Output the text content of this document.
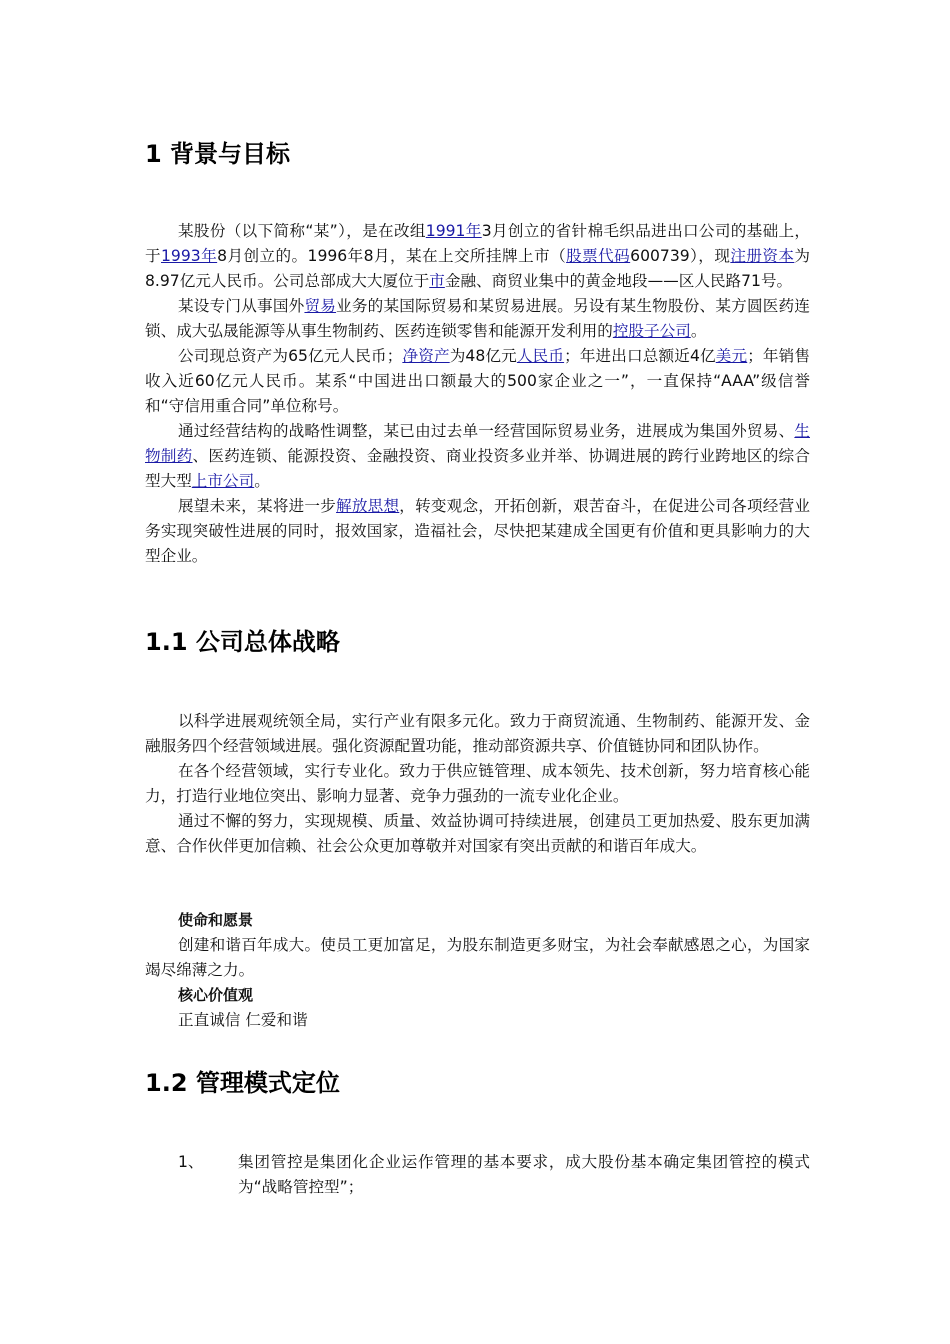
1 背景与目标

某股份（以下简称“某”），是在改组1991年3月创立的省针棉毛织品进出口公司的基础上，于1993年8月创立的。1996年8月，某在上交所挂牌上市（股票代码600739），现注册资本为8.97亿元人民币。公司总部成大大厦位于市金融、商贸业集中的黄金地段——区人民路71号。

某设专门从事国外贸易业务的某国际贸易和某贸易进展。另设有某生物股份、某方圆医药连锁、成大弘晟能源等从事生物制药、医药连锁零售和能源开发利用的控股子公司。

公司现总资产为65亿元人民币；净资产为48亿元人民币；年进出口总额近4亿美元；年销售收入近60亿元人民币。某系“中国进出口额最大的500家企业之一”，一直保持“AAA”级信誉和“守信用重合同”单位称号。

通过经营结构的战略性调整，某已由过去单一经营国际贸易业务，进展成为集国外贸易、生物制药、医药连锁、能源投资、金融投资、商业投资多业并举、协调进展的跨行业跨地区的综合型大型上市公司。

展望未来，某将进一步解放思想，转变观念，开拓创新，艰苦奋斗，在促进公司各项经营业务实现突破性进展的同时，报效国家，造福社会，尽快把某建成全国更有价值和更具影响力的大型企业。

1.1 公司总体战略

以科学进展观统领全局，实行产业有限多元化。致力于商贸流通、生物制药、能源开发、金融服务四个经营领域进展。强化资源配置功能，推动部资源共享、价值链协同和团队协作。

在各个经营领域，实行专业化。致力于供应链管理、成本领先、技术创新，努力培育核心能力，打造行业地位突出、影响力显著、竞争力强劲的一流专业化企业。

通过不懈的努力，实现规模、质量、效益协调可持续进展，创建员工更加热爱、股东更加满意、合作伙伴更加信赖、社会公众更加尊敬并对国家有突出贡献的和谐百年成大。

使命和愿景

创建和谐百年成大。使员工更加富足，为股东制造更多财宝，为社会奉献感恩之心，为国家竭尽绵薄之力。

核心价值观
正直诚信 仁爱和谐
1.2 管理模式定位
1、 集团管控是集团化企业运作管理的基本要求，成大股份基本确定集团管控的模式为“战略管控型”；
